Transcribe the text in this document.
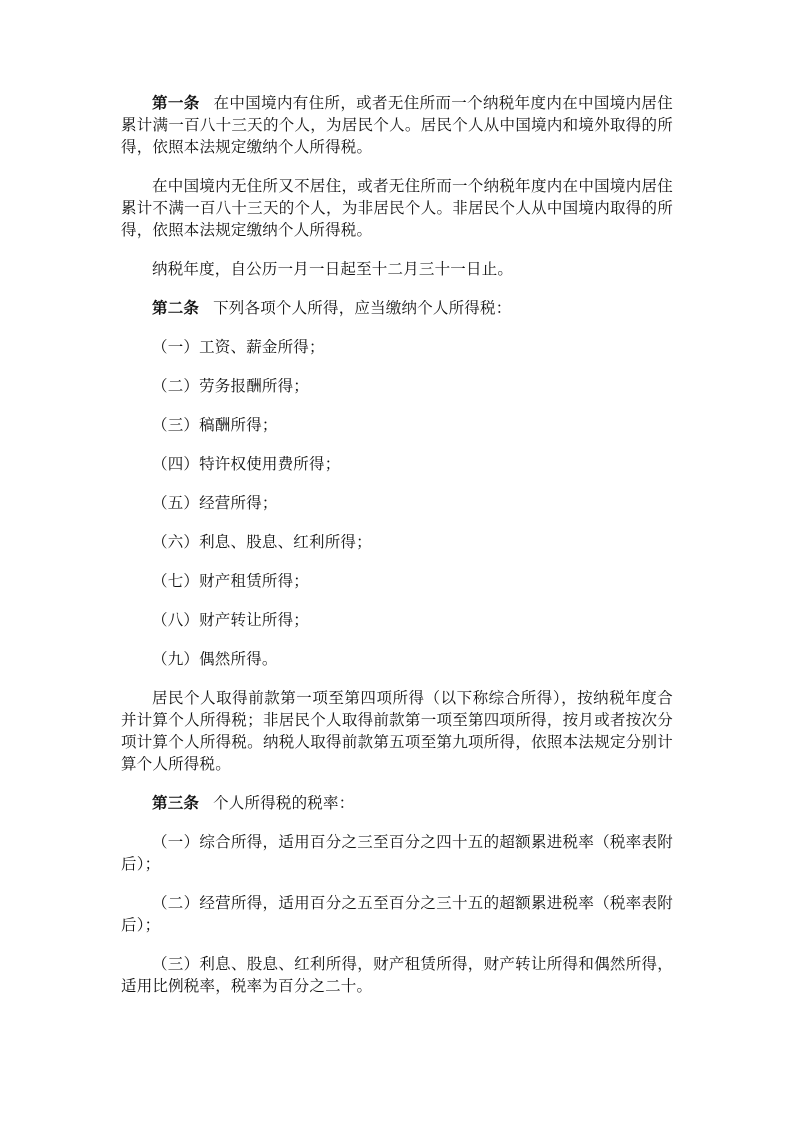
第一条 在中国境内有住所，或者无住所而一个纳税年度内在中国境内居住累计满一百八十三天的个人，为居民个人。居民个人从中国境内和境外取得的所得，依照本法规定缴纳个人所得税。

在中国境内无住所又不居住，或者无住所而一个纳税年度内在中国境内居住累计不满一百八十三天的个人，为非居民个人。非居民个人从中国境内取得的所得，依照本法规定缴纳个人所得税。

纳税年度，自公历一月一日起至十二月三十一日止。

第二条 下列各项个人所得，应当缴纳个人所得税：

（一）工资、薪金所得；

（二）劳务报酬所得；

（三）稿酬所得；

（四）特许权使用费所得；

（五）经营所得；

（六）利息、股息、红利所得；

（七）财产租赁所得；

（八）财产转让所得；

（九）偶然所得。

居民个人取得前款第一项至第四项所得（以下称综合所得），按纳税年度合并计算个人所得税；非居民个人取得前款第一项至第四项所得，按月或者按次分项计算个人所得税。纳税人取得前款第五项至第九项所得，依照本法规定分别计算个人所得税。

第三条 个人所得税的税率：

（一）综合所得，适用百分之三至百分之四十五的超额累进税率（税率表附后）；

（二）经营所得，适用百分之五至百分之三十五的超额累进税率（税率表附后）；

（三）利息、股息、红利所得，财产租赁所得，财产转让所得和偶然所得，适用比例税率，税率为百分之二十。
